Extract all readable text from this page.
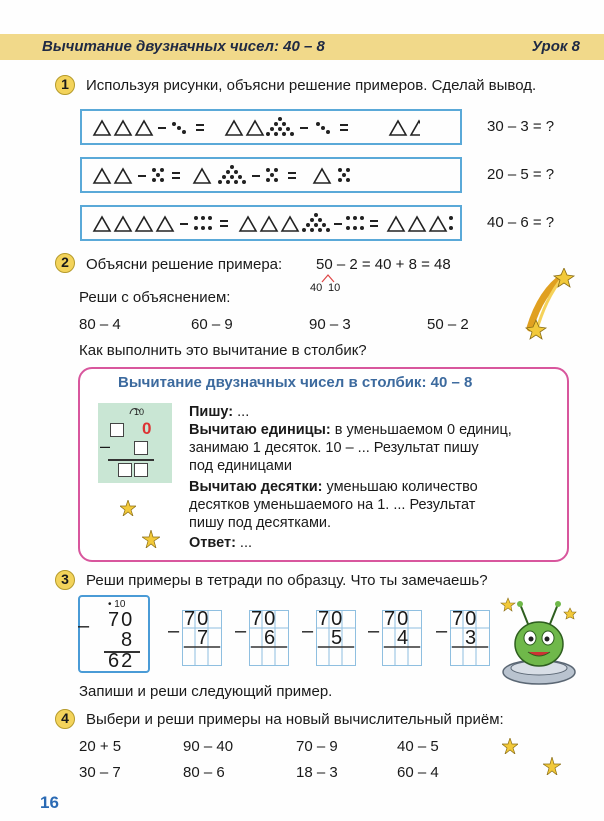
Вычитание двузначных чисел: 40 – 8	Урок 8
1	Используя рисунки, объясни решение примеров. Сделай вывод.
30 – 3 = ?
20 – 5 = ?
40 – 6 = ?
2	Объясни решение примера: 50 – 2 = 40 + 8 = 48
40 10
Реши с объяснением:
80 – 4	60 – 9	90 – 3	50 – 2
Как выполнить это вычитание в столбик?
Вычитание двузначных чисел в столбик: 40 – 8
10
0
–
Пишу: ...
Вычитаю единицы: в уменьшаемом 0 единиц,
занимаю 1 десяток. 10 – ... Результат пишу
под единицами
Вычитаю десятки: уменьшаю количество
десятков уменьшаемого на 1. ... Результат
пишу под десятками.
Ответ: ...
3	Реши примеры в тетради по образцу. Что ты замечаешь?
• 10
– 70
8
62
–
70
7 –
70
6 –
70
5 –
70
4 –
70
3
Запиши и реши следующий пример.
4	Выбери и реши примеры на новый вычислительный приём:
20 + 5	90 – 40	70 – 9	40 – 5
30 – 7	80 – 6	18 – 3	60 – 4
16
